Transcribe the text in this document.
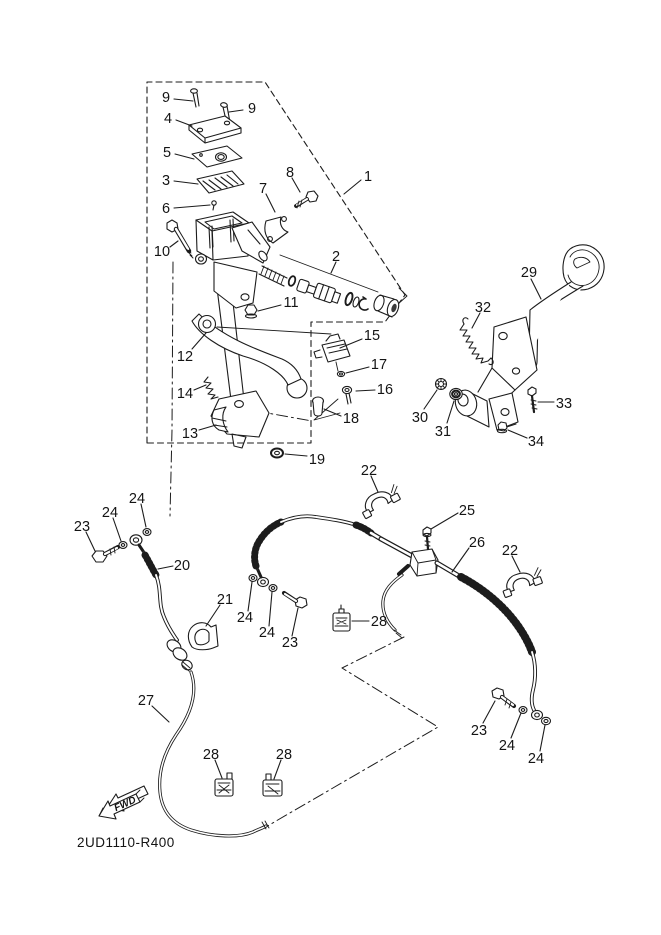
9
9
4
5
3
6
7
8	1
10	2
11
12
14
13
15
17
16
18
19
29
32
30
31
33
34
22
25
26 22
23
24
24
20
21
24
24
23
28
23
24
24
27
28	28
FWD
2UD1110-R400
